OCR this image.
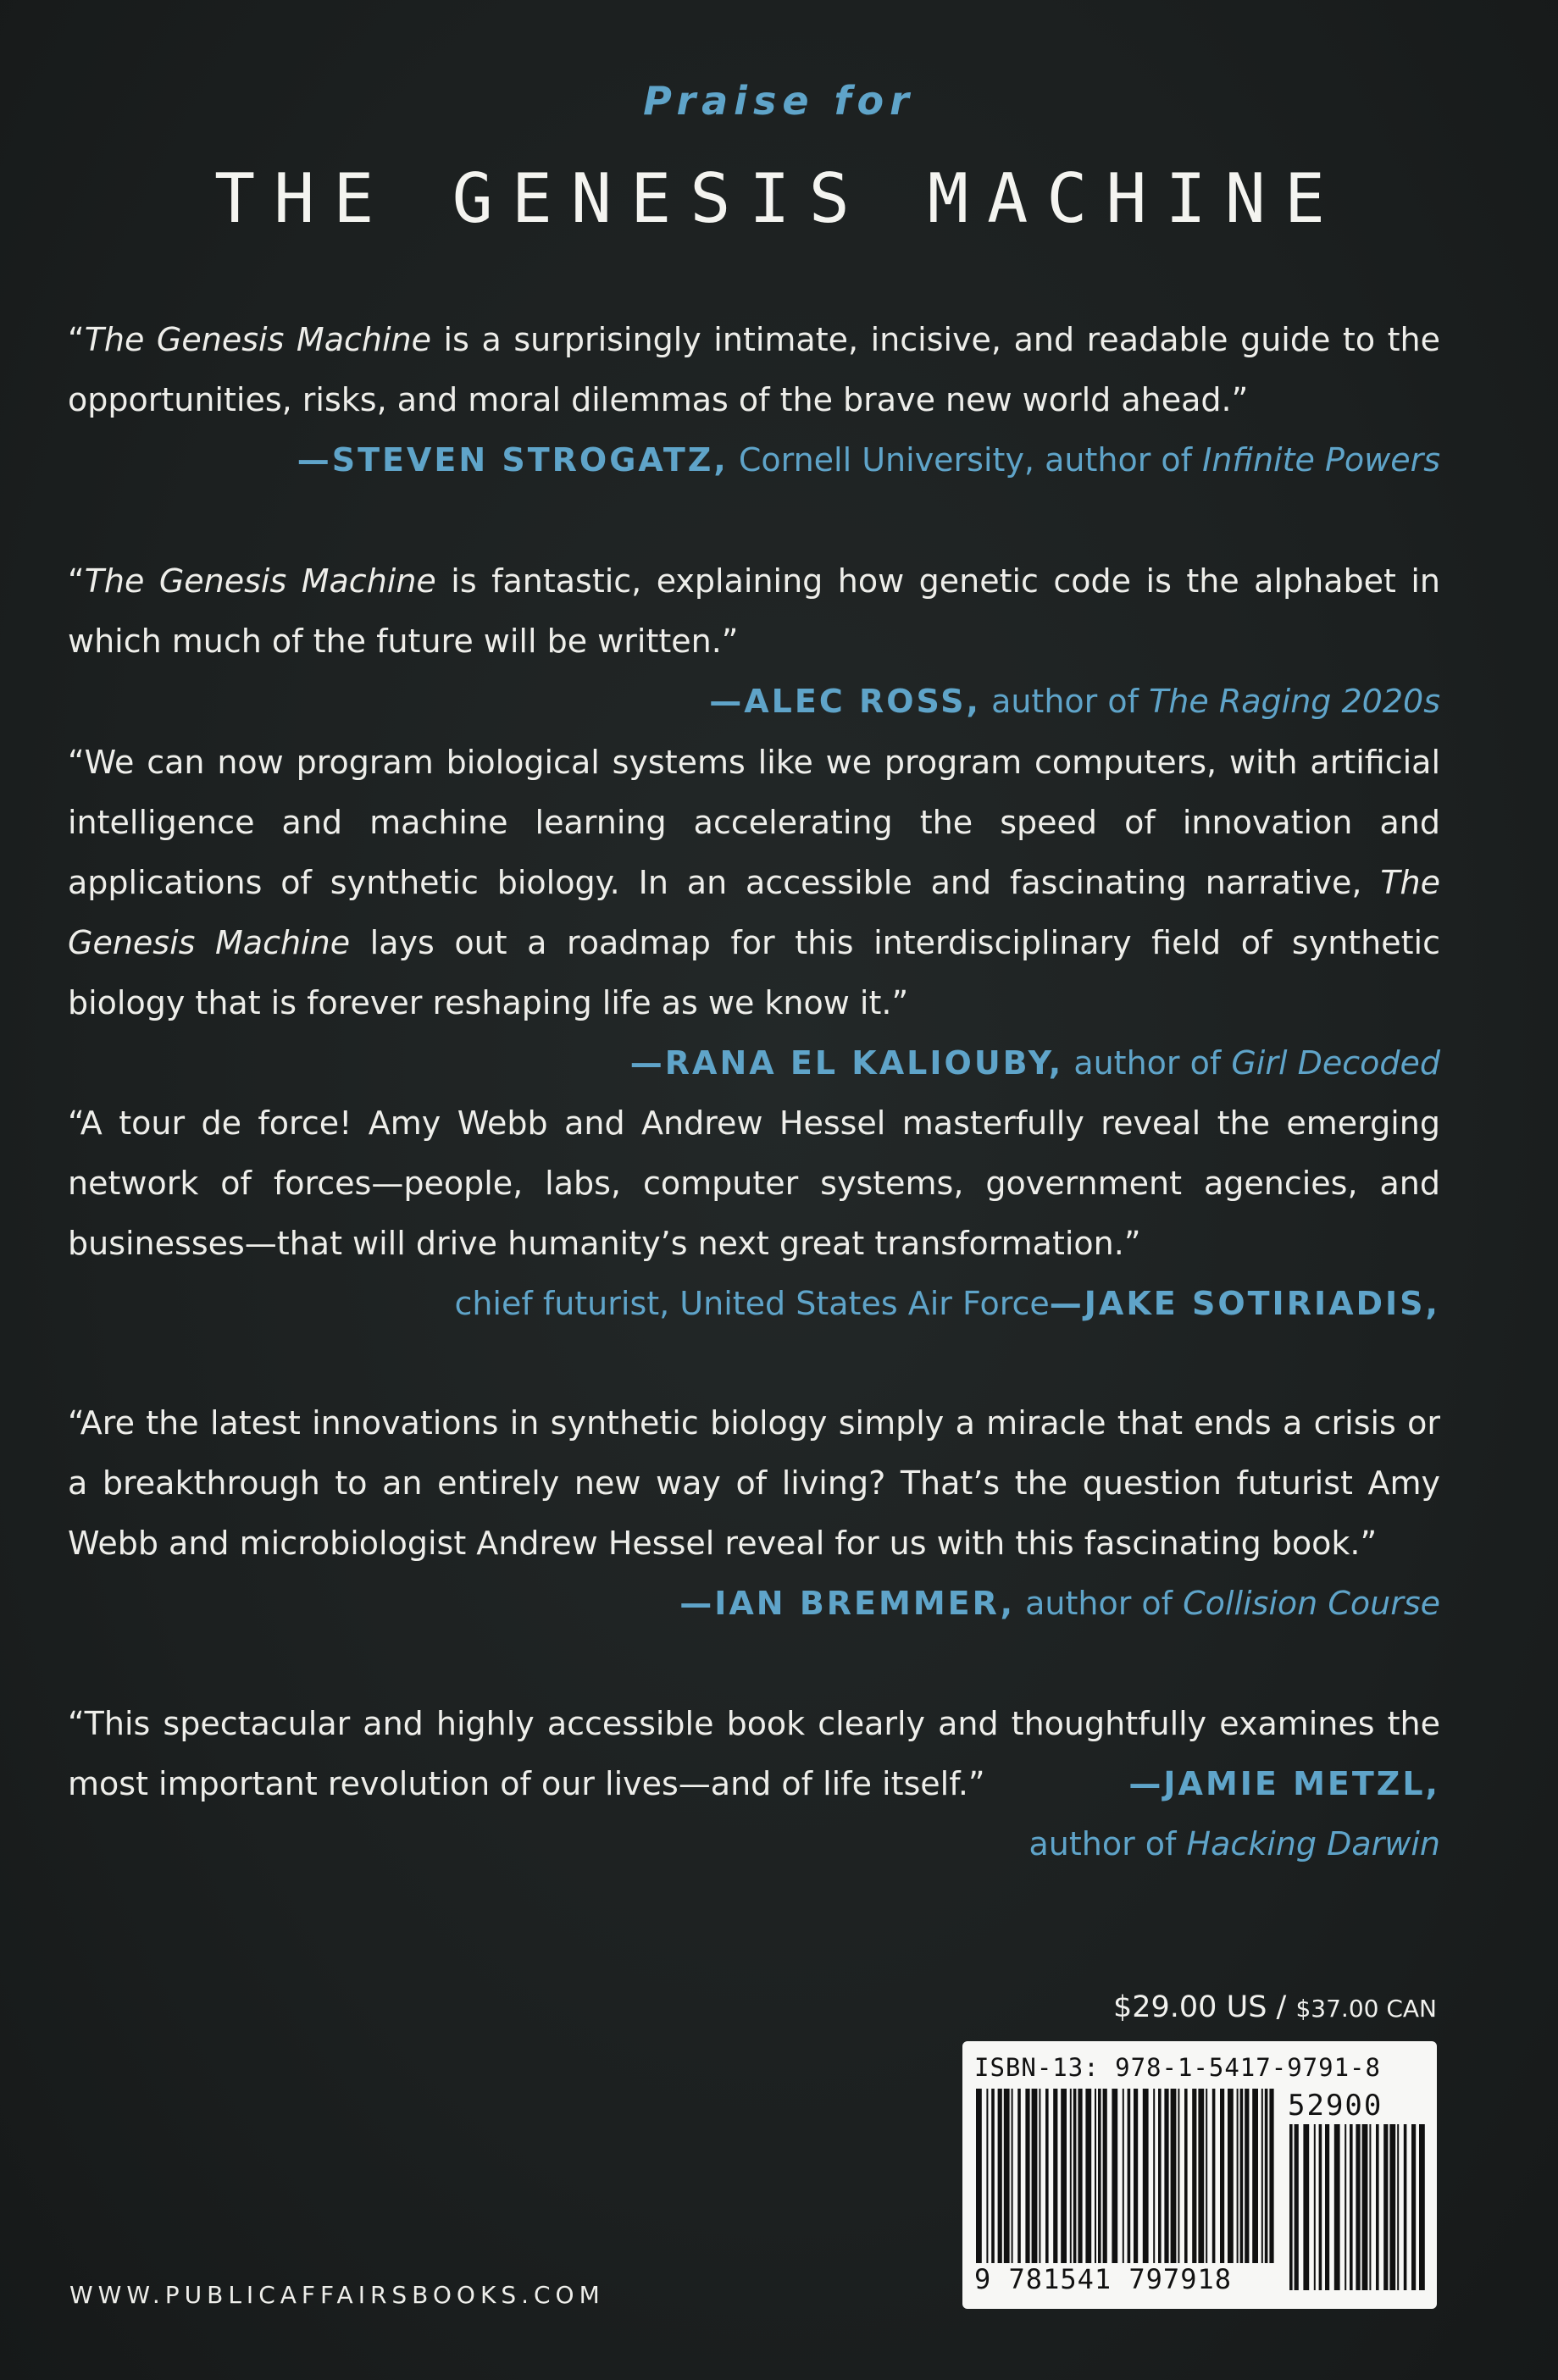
Praise for
THE GENESIS MACHINE

“The Genesis Machine is a surprisingly intimate, incisive, and readable guide to the opportunities, risks, and moral dilemmas of the brave new world ahead.”

—STEVEN STROGATZ, Cornell University, author of Infinite Powers

“The Genesis Machine is fantastic, explaining how genetic code is the alphabet in which much of the future will be written.”
—ALEC ROSS, author of The Raging 2020s

“We can now program biological systems like we program computers, with artificial intelligence and machine learning accelerating the speed of innovation and applications of synthetic biology. In an accessible and fascinating narrative, The Genesis Machine lays out a roadmap for this interdisciplinary field of synthetic biology that is forever reshaping life as we know it.”
—RANA EL KALIOUBY, author of Girl Decoded

“A tour de force! Amy Webb and Andrew Hessel masterfully reveal the emerging network of forces—people, labs, computer systems, government agencies, and businesses—that will drive humanity’s next great transformation.”
—JAKE SOTIRIADIS,

chief futurist, United States Air Force

“Are the latest innovations in synthetic biology simply a miracle that ends a crisis or a breakthrough to an entirely new way of living? That’s the question futurist Amy Webb and microbiologist Andrew Hessel reveal for us with this fascinating book.”

—IAN BREMMER, author of Collision Course

“This spectacular and highly accessible book clearly and thoughtfully examines the most important revolution of our lives—and of life itself.”	—JAMIE METZL,

author of Hacking Darwin
$29.00 US / $37.00 CAN
ISBN-13: 978-1-5417-9791-8
52900
9 781541 797918
WWW.PUBLICAFFAIRSBOOKS.COM
